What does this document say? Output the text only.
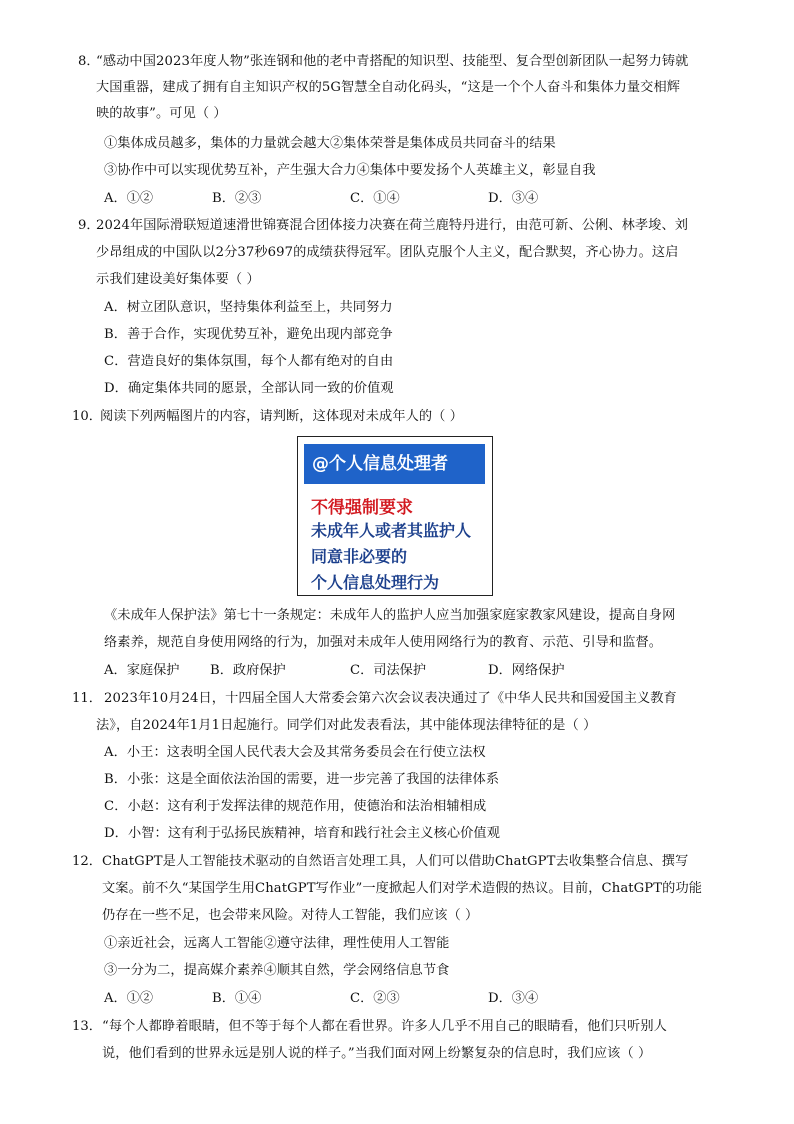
8．
“感动中国2023年度人物”张连钢和他的老中青搭配的知识型、技能型、复合型创新团队一起努力铸就
大国重器，建成了拥有自主知识产权的5G智慧全自动化码头，“这是一个个人奋斗和集体力量交相辉
映的故事”。可见（ ）
①集体成员越多，集体的力量就会越大②集体荣誉是集体成员共同奋斗的结果
③协作中可以实现优势互补，产生强大合力④集体中要发扬个人英雄主义，彰显自我
A．①②	B．②③	C．①④	D．③④
9．
2024年国际滑联短道速滑世锦赛混合团体接力决赛在荷兰鹿特丹进行，由范可新、公俐、林孝埈、刘
少昂组成的中国队以2分37秒697的成绩获得冠军。团队克服个人主义，配合默契，齐心协力。这启
示我们建设美好集体要（ ）
A．树立团队意识，坚持集体利益至上，共同努力
B．善于合作，实现优势互补，避免出现内部竞争
C．营造良好的集体氛围，每个人都有绝对的自由
D．确定集体共同的愿景，全部认同一致的价值观
10．
阅读下列两幅图片的内容，请判断，这体现对未成年人的（ ）
@个人信息处理者
不得强制要求
未成年人或者其监护人
同意非必要的
个人信息处理行为
《未成年人保护法》第七十一条规定：未成年人的监护人应当加强家庭家教家风建设，提高自身网
络素养，规范自身使用网络的行为，加强对未成年人使用网络行为的教育、示范、引导和监督。
A．家庭保护 B．政府保护	C．司法保护	D．网络保护
11． 2023年10月24日，十四届全国人大常委会第六次会议表决通过了《中华人民共和国爱国主义教育
法》，自2024年1月1日起施行。同学们对此发表看法，其中能体现法律特征的是（ ）
A．小王：这表明全国人民代表大会及其常务委员会在行使立法权
B．小张：这是全面依法治国的需要，进一步完善了我国的法律体系
C．小赵：这有利于发挥法律的规范作用，使德治和法治相辅相成
D．小智：这有利于弘扬民族精神，培育和践行社会主义核心价值观
12． ChatGPT是人工智能技术驱动的自然语言处理工具，人们可以借助ChatGPT去收集整合信息、撰写
文案。前不久“某国学生用ChatGPT写作业”一度掀起人们对学术造假的热议。目前，ChatGPT的功能
仍存在一些不足，也会带来风险。对待人工智能，我们应该（ ）
①亲近社会，远离人工智能②遵守法律，理性使用人工智能
③一分为二，提高媒介素养④顺其自然，学会网络信息节食
A．①②	B．①④	C．②③	D．③④
13． “每个人都睁着眼睛，但不等于每个人都在看世界。许多人几乎不用自己的眼睛看，他们只听别人
说，他们看到的世界永远是别人说的样子。”当我们面对网上纷繁复杂的信息时，我们应该（ ）
